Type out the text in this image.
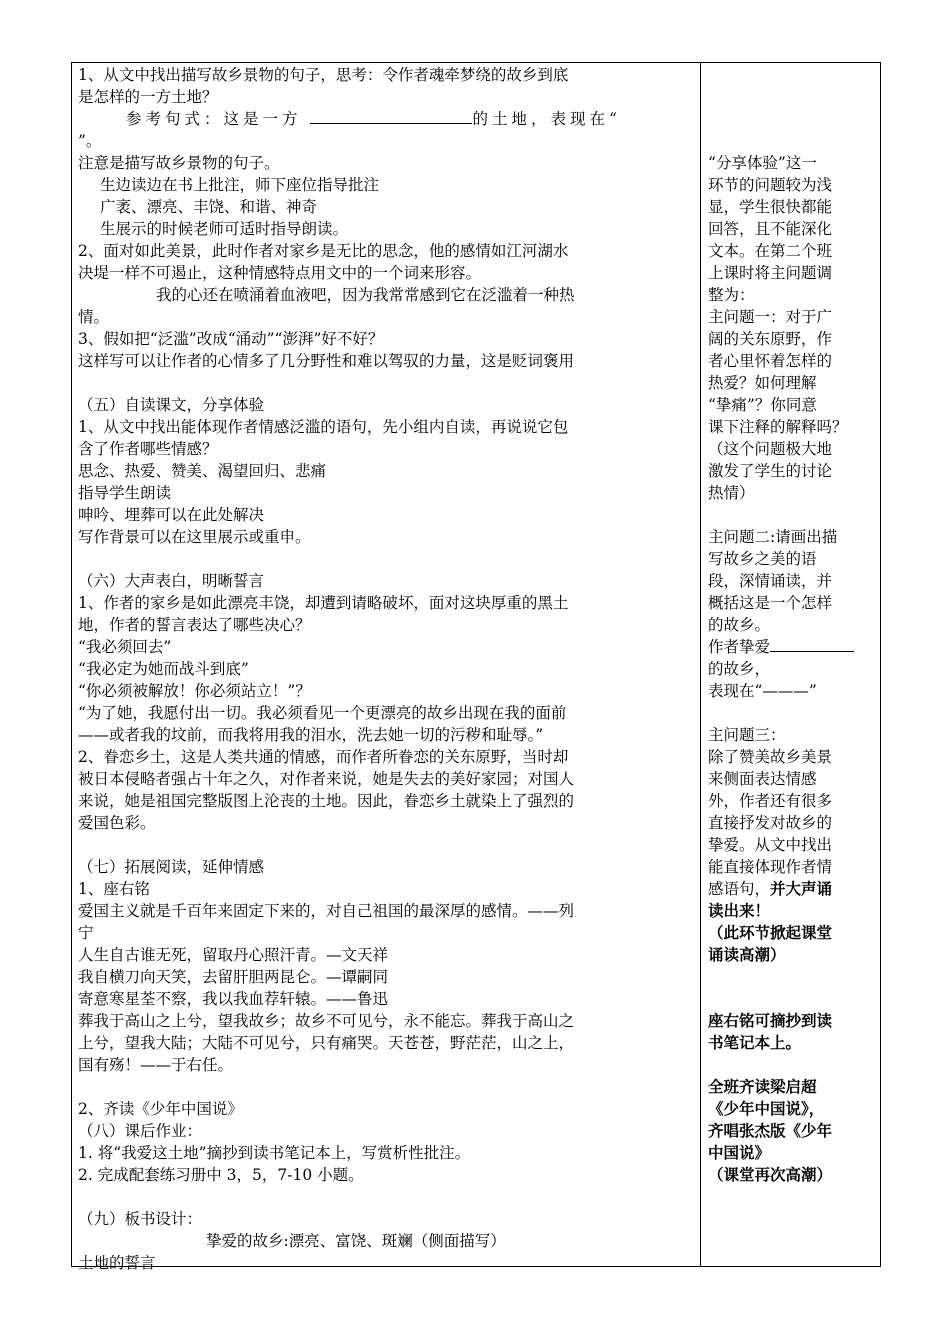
1、从文中找出描写故乡景物的句子，思考：令作者魂牵梦绕的故乡到底
是怎样的一方土地？
参考句式：这是一方	的土地，表现在“
”。
注意是描写故乡景物的句子。
生边读边在书上批注，师下座位指导批注
广袤、漂亮、丰饶、和谐、神奇
生展示的时候老师可适时指导朗读。
2、面对如此美景，此时作者对家乡是无比的思念，他的感情如江河湖水
决堤一样不可遏止，这种情感特点用文中的一个词来形容。
我的心还在喷涌着血液吧，因为我常常感到它在泛滥着一种热
情。
3、假如把“泛滥”改成“涌动”“澎湃”好不好？
这样写可以让作者的心情多了几分野性和难以驾驭的力量，这是贬词褒用
（五）自读课文，分享体验
1、从文中找出能体现作者情感泛滥的语句，先小组内自读，再说说它包
含了作者哪些情感？
思念、热爱、赞美、渴望回归、悲痛
指导学生朗读
呻吟、埋葬可以在此处解决
写作背景可以在这里展示或重申。
（六）大声表白，明晰誓言
1、作者的家乡是如此漂亮丰饶，却遭到请略破坏，面对这块厚重的黑土
地，作者的誓言表达了哪些决心？
“我必须回去”
“我必定为她而战斗到底”
“你必须被解放！你必须站立！”？
“为了她，我愿付出一切。我必须看见一个更漂亮的故乡出现在我的面前
——或者我的坟前，而我将用我的泪水，洗去她一切的污秽和耻辱。”
2、眷恋乡土，这是人类共通的情感，而作者所眷恋的关东原野，当时却
被日本侵略者强占十年之久，对作者来说，她是失去的美好家园；对国人
来说，她是祖国完整版图上沦丧的土地。因此，眷恋乡土就染上了强烈的
爱国色彩。
（七）拓展阅读，延伸情感
1、座右铭
爱国主义就是千百年来固定下来的，对自己祖国的最深厚的感情。——列
宁
人生自古谁无死，留取丹心照汗青。—文天祥
我自横刀向天笑，去留肝胆两昆仑。—谭嗣同
寄意寒星荃不察，我以我血荐轩辕。——鲁迅
葬我于高山之上兮，望我故乡；故乡不可见兮，永不能忘。葬我于高山之
上兮，望我大陆；大陆不可见兮，只有痛哭。天苍苍，野茫茫，山之上，
国有殇！——于右任。
2、齐读《少年中国说》
（八）课后作业：
1. 将“我爱这土地”摘抄到读书笔记本上，写赏析性批注。
2. 完成配套练习册中 3，5，7-10 小题。
（九）板书设计：
挚爱的故乡:漂亮、富饶、斑斓（侧面描写）
土地的誓言
“分享体验”这一
环节的问题较为浅
显，学生很快都能
回答，且不能深化
文本。在第二个班
上课时将主问题调
整为：
主问题一：对于广
阔的关东原野，作
者心里怀着怎样的
热爱？如何理解
“挚痛”？你同意
课下注释的解释吗？
（这个问题极大地
激发了学生的讨论
热情）
主问题二:请画出描
写故乡之美的语
段，深情诵读，并
概括这是一个怎样
的故乡。
作者挚爱
的故乡，
表现在“———”
主问题三：
除了赞美故乡美景
来侧面表达情感
外，作者还有很多
直接抒发对故乡的
挚爱。从文中找出
能直接体现作者情
感语句，并大声诵
读出来！
（此环节掀起课堂
诵读高潮）
座右铭可摘抄到读
书笔记本上。
全班齐读梁启超
《少年中国说》，
齐唱张杰版《少年
中国说》
（课堂再次高潮）
